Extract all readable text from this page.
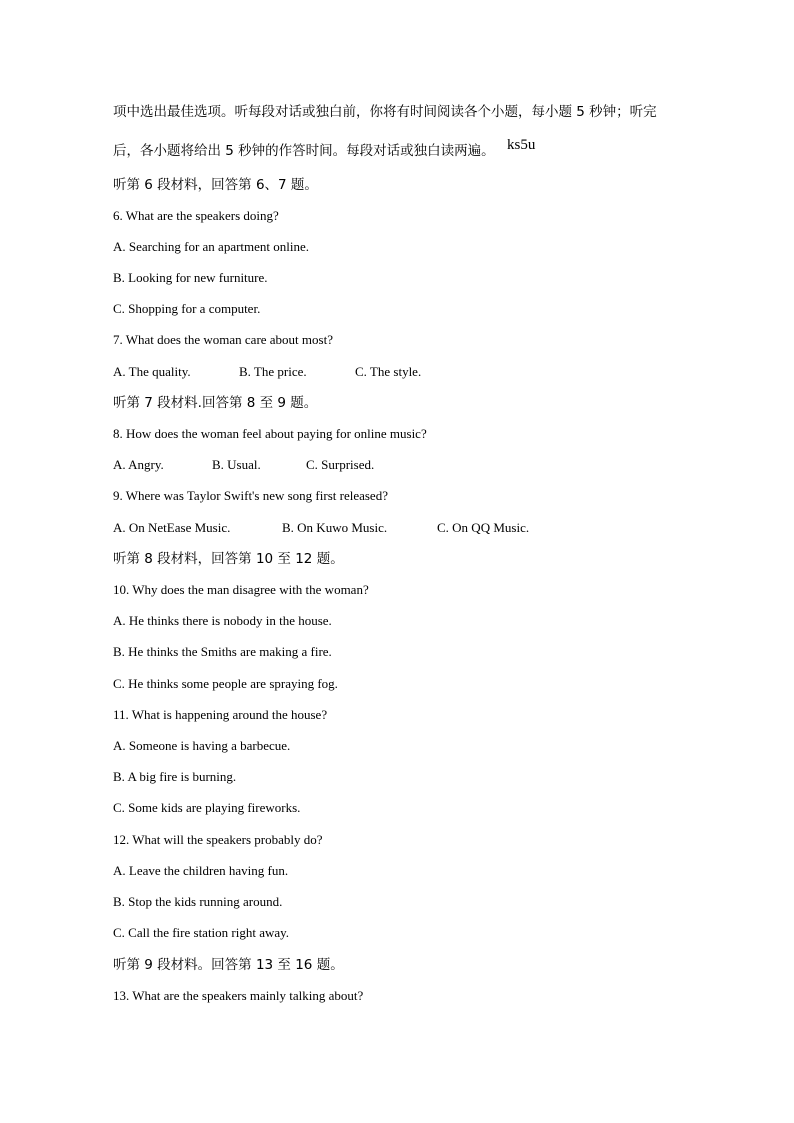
项中选出最佳选项。听每段对话或独白前，你将有时间阅读各个小题，每小题 5 秒钟；听完
后，各小题将给出 5 秒钟的作答时间。每段对话或独白读两遍。 ks5u
听第 6 段材料，回答第 6、7 题。
6. What are the speakers doing?
A. Searching for an apartment online.
B. Looking for new furniture.
C. Shopping for a computer.
7. What does the woman care about most?
A. The quality.	B. The price.	C. The style.
听第 7 段材料.回答第 8 至 9 题。
8. How does the woman feel about paying for online music?
A. Angry.	B. Usual.	C. Surprised.
9. Where was Taylor Swift's new song first released?
A. On NetEase Music.	B. On Kuwo Music.	C. On QQ Music.
听第 8 段材料，回答第 10 至 12 题。
10. Why does the man disagree with the woman?
A. He thinks there is nobody in the house.
B. He thinks the Smiths are making a fire.
C. He thinks some people are spraying fog.
11. What is happening around the house?
A. Someone is having a barbecue.
B. A big fire is burning.
C. Some kids are playing fireworks.
12. What will the speakers probably do?
A. Leave the children having fun.
B. Stop the kids running around.
C. Call the fire station right away.
听第 9 段材料。回答第 13 至 16 题。
13. What are the speakers mainly talking about?
